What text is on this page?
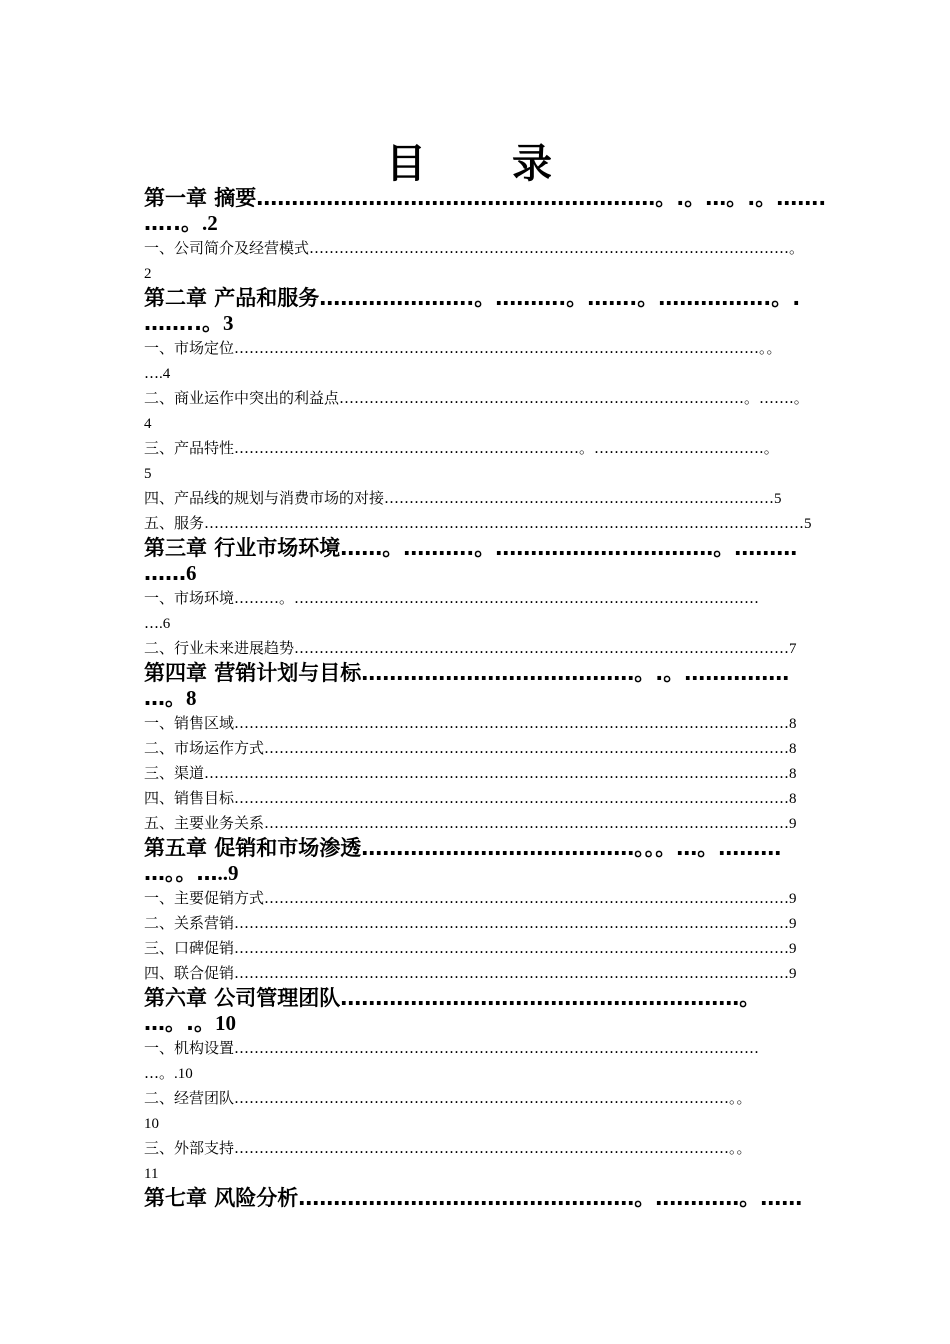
目 录
第一章 摘要…………………………………………………。.。…。.。…….
…..。.2
一、公司简介及经营模式……………………………………………………………………………………。
2
第二章 产品和服务………………….。……….。…….。…………….。.
……..。3
一、市场定位……………………………………………………………………………………………。。
….4
二、商业运作中突出的利益点………………………………………………………………………。…….。
4
三、产品特性……………………………………………………………。…………………………….。
5
四、产品线的规划与消费市场的对接……………………………………………………………………5
五、服务…………………………………………………………………………………………………………5
第三章 行业市场环境……。……….。……………….…………。………
……6
一、市场环境………。…………………………………………………………………………………
….6
二、行业未来进展趋势………………………………………………………………………………………7
第四章 营销计划与目标…………………………………。.。……………
…。8
一、销售区域…………………………………………………………………………………………………8
二、市场运作方式……………………………………………………………………………………………8
三、渠道………………………………………………………………………………………………………8
四、销售目标…………………………………………………………………………………………………8
五、主要业务关系……………………………………………………………………………………………9
第五章 促销和市场渗透…………………………………。。。…。………
…。。…..9
一、主要促销方式……………………………………………………………………………………………9
二、关系营销…………………………………………………………………………………………………9
三、口碑促销…………………………………………………………………………………………………9
四、联合促销…………………………………………………………………………………………………9
第六章 公司管理团队…………………………………………………。
…。.。10
一、机构设置……………………………………………………………………………………………
…。.10
二、经营团队………………………………………………………………………………………。。
10
三、外部支持………………………………………………………………………………………。。
11
第七章 风险分析…………………………………………。…………。……
